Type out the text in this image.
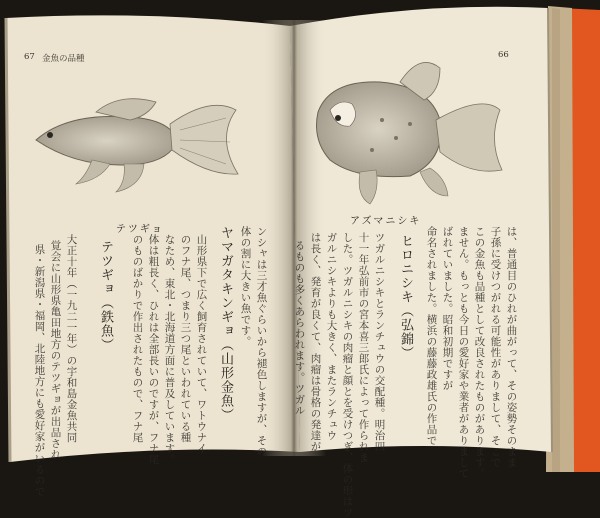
67 金魚の品種	66
テツギョ
アズマニシキ
ンシャは三才魚ぐらいから褪色しますが、その
体の割に大きい魚です。
ヤマガタキンギョ（山形金魚）
山形県下で広く飼育されていて、ワトウナイ
のフナ尾、つまり三つ尾といわれている種
なため、東北・北海道方面に普及しています。
体は粗長く、ひれは全部長いのですが、フナ尾
のものばかりで作出されたもので、フナ尾
テツギョ（鉄魚）
大正十年（一九二一年）の宇和島金魚共同
覚会に山形県亀田地方のテツギョが出品され
県・新潟県・福岡、北陸地方にも愛好家がいるので	は、普通目のひれが曲がって、その姿勢そのまま
子孫に受けつがれる可能性がありまして、そこで
この金魚も品種として改良されたものがあります。
ません。もっとも今日の愛好家や業者がありまして
ばれていました。昭和初期ですが
命名されました。横浜の藤藤政雄氏の作品で
ヒロニシキ（弘錦）
ツガルニシキとランチュウの交配種。明治四
十一年弘前市の宮本喜三郎氏によって作られま
した。ツガルニシキの肉瘤と顔とを受けつぎ、体の形はツ
ガルニシキよりも大きく、またランチュウ
は長く、発育が良くて、肉瘤は骨格の発達が
るものも多くあらわれます。ツガル
